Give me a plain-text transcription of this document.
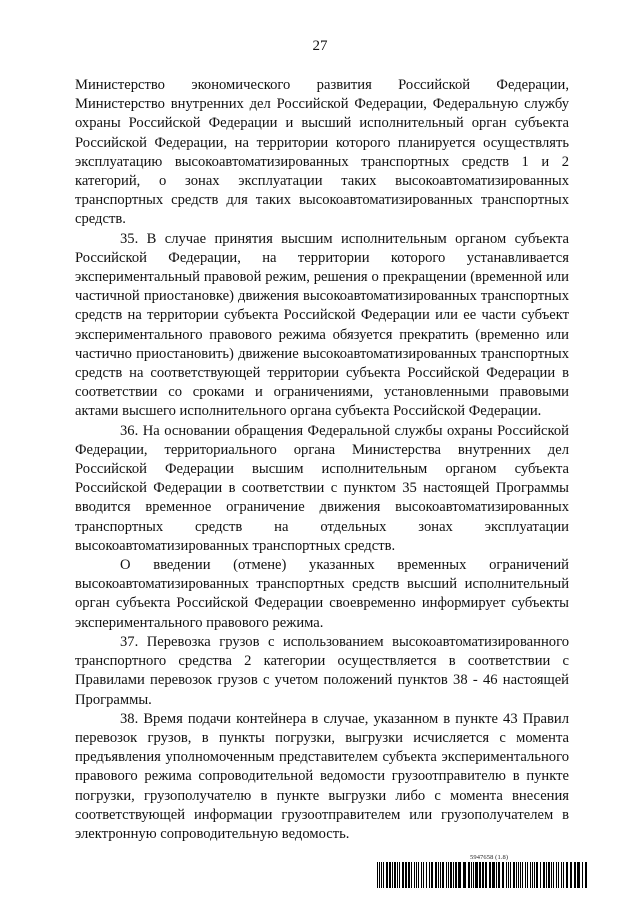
27

Министерство экономического развития Российской Федерации, Министерство внутренних дел Российской Федерации, Федеральную службу охраны Российской Федерации и высший исполнительный орган субъекта Российской Федерации, на территории которого планируется осуществлять эксплуатацию высокоавтоматизированных транспортных средств 1 и 2 категорий, о зонах эксплуатации таких высокоавтоматизированных транспортных средств для таких высокоавтоматизированных транспортных средств.

35. В случае принятия высшим исполнительным органом субъекта Российской Федерации, на территории которого устанавливается экспериментальный правовой режим, решения о прекращении (временной или частичной приостановке) движения высокоавтоматизированных транспортных средств на территории субъекта Российской Федерации или ее части субъект экспериментального правового режима обязуется прекратить (временно или частично приостановить) движение высокоавтоматизированных транспортных средств на соответствующей территории субъекта Российской Федерации в соответствии со сроками и ограничениями, установленными правовыми актами высшего исполнительного органа субъекта Российской Федерации.

36. На основании обращения Федеральной службы охраны Российской Федерации, территориального органа Министерства внутренних дел Российской Федерации высшим исполнительным органом субъекта Российской Федерации в соответствии с пунктом 35 настоящей Программы вводится временное ограничение движения высокоавтоматизированных транспортных средств на отдельных зонах эксплуатации высокоавтоматизированных транспортных средств.

О введении (отмене) указанных временных ограничений высокоавтоматизированных транспортных средств высший исполнительный орган субъекта Российской Федерации своевременно информирует субъекты экспериментального правового режима.

37. Перевозка грузов с использованием высокоавтоматизированного транспортного средства 2 категории осуществляется в соответствии с Правилами перевозок грузов с учетом положений пунктов 38 - 46 настоящей Программы.

38. Время подачи контейнера в случае, указанном в пункте 43 Правил перевозок грузов, в пункты погрузки, выгрузки исчисляется с момента предъявления уполномоченным представителем субъекта экспериментального правового режима сопроводительной ведомости грузоотправителю в пункте погрузки, грузополучателю в пункте выгрузки либо с момента внесения соответствующей информации грузоотправителем или грузополучателем в электронную сопроводительную ведомость.

5947658 (1.8)
